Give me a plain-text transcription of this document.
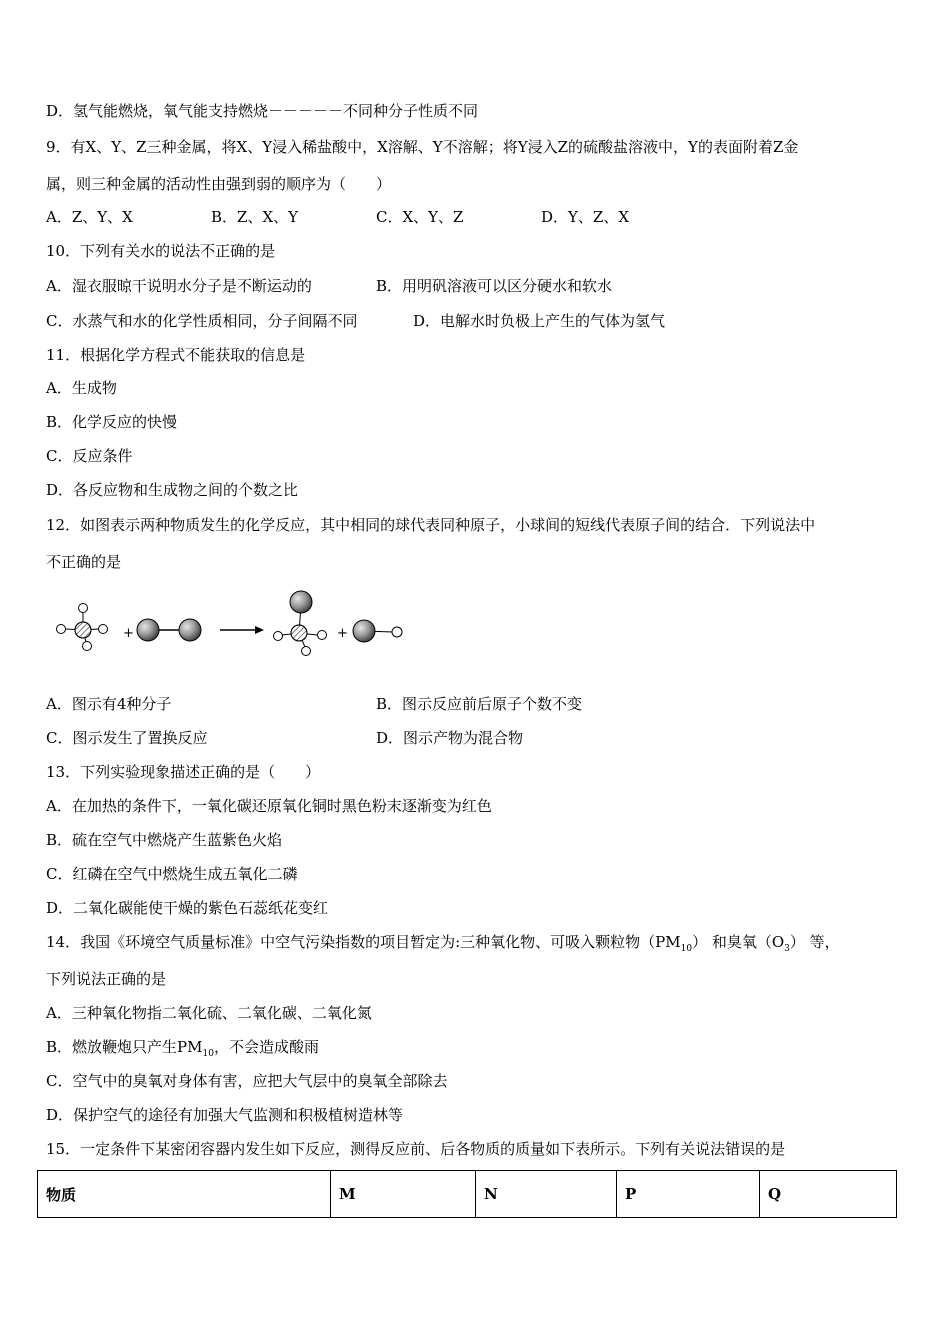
D．氢气能燃烧，氧气能支持燃烧－－－－－不同种分子性质不同
9．有X、Y、Z三种金属，将X、Y浸入稀盐酸中，X溶解、Y不溶解；将Y浸入Z的硫酸盐溶液中，Y的表面附着Z金
属，则三种金属的活动性由强到弱的顺序为（　　）
A．Z、Y、X	B．Z、X、Y	C．X、Y、Z	D．Y、Z、X
10．下列有关水的说法不正确的是
A．湿衣服晾干说明水分子是不断运动的	B．用明矾溶液可以区分硬水和软水
C．水蒸气和水的化学性质相同，分子间隔不同	D．电解水时负极上产生的气体为氢气
11．根据化学方程式不能获取的信息是
A．生成物
B．化学反应的快慢
C．反应条件
D．各反应物和生成物之间的个数之比
12．如图表示两种物质发生的化学反应，其中相同的球代表同种原子，小球间的短线代表原子间的结合．下列说法中
不正确的是
+	+
A．图示有4种分子	B．图示反应前后原子个数不变
C．图示发生了置换反应	D．图示产物为混合物
13．下列实验现象描述正确的是（　　）
A．在加热的条件下，一氧化碳还原氧化铜时黑色粉末逐渐变为红色
B．硫在空气中燃烧产生蓝紫色火焰
C．红磷在空气中燃烧生成五氧化二磷
D．二氧化碳能使干燥的紫色石蕊纸花变红
14．我国《环境空气质量标准》中空气污染指数的项目暂定为:三种氧化物、可吸入颗粒物$(PM_{10})$ 和臭氧$(O_3)$ 等，
下列说法正确的是
A．三种氧化物指二氧化硫、二氧化碳、二氧化氮
B．燃放鞭炮只产生$PM_{10}$，不会造成酸雨
C．空气中的臭氧对身体有害，应把大气层中的臭氧全部除去
D．保护空气的途径有加强大气监测和积极植树造林等
15．一定条件下某密闭容器内发生如下反应，测得反应前、后各物质的质量如下表所示。下列有关说法错误的是
物质	M	N	P	Q
